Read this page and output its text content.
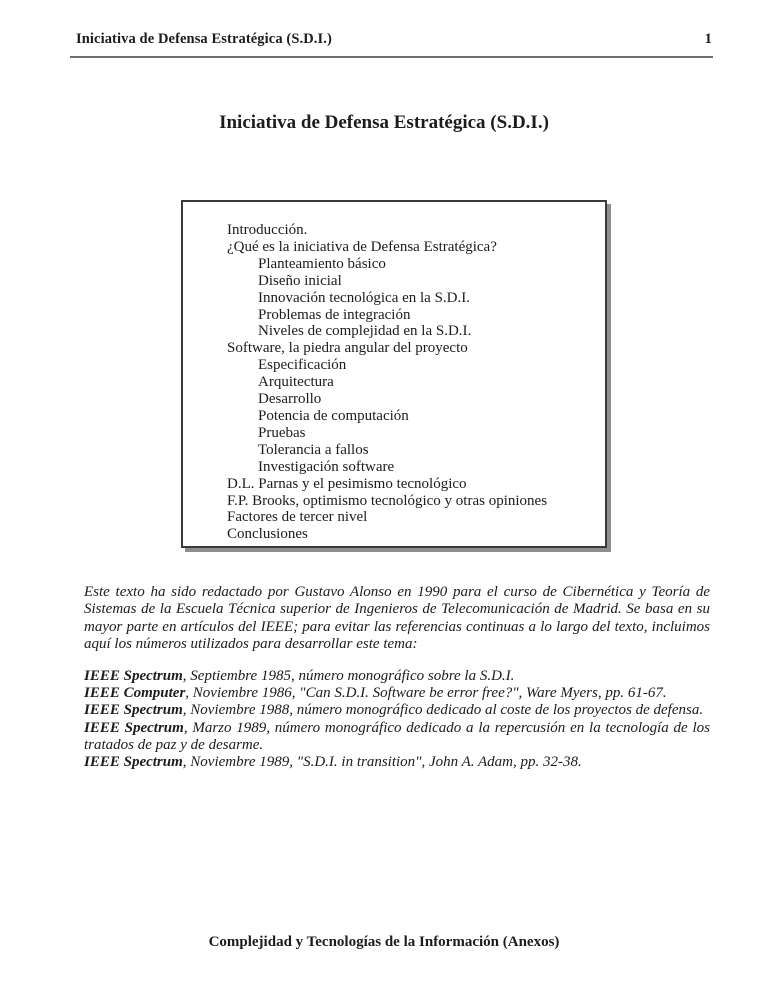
Iniciativa de Defensa Estratégica (S.D.I.)	1
Iniciativa de Defensa Estratégica (S.D.I.)
Introducción.
¿Qué es la iniciativa de Defensa Estratégica?
Planteamiento básico
Diseño inicial
Innovación tecnológica en la S.D.I.
Problemas de integración
Niveles de complejidad en la S.D.I.
Software, la piedra angular del proyecto
Especificación
Arquitectura
Desarrollo
Potencia de computación
Pruebas
Tolerancia a fallos
Investigación software
D.L. Parnas y el pesimismo tecnológico
F.P. Brooks, optimismo tecnológico y otras opiniones
Factores de tercer nivel
Conclusiones

Este texto ha sido redactado por Gustavo Alonso en 1990 para el curso de Cibernética y Teoría de Sistemas de la Escuela Técnica superior de Ingenieros de Telecomunicación de Madrid. Se basa en su mayor parte en artículos del IEEE; para evitar las referencias continuas a lo largo del texto, incluimos aquí los números utilizados para desarrollar este tema:

IEEE Spectrum, Septiembre 1985, número monográfico sobre la S.D.I.

IEEE Computer, Noviembre 1986, "Can S.D.I. Software be error free?", Ware Myers, pp. 61-67.

IEEE Spectrum, Noviembre 1988, número monográfico dedicado al coste de los proyectos de defensa.

IEEE Spectrum, Marzo 1989, número monográfico dedicado a la repercusión en la tecnología de los tratados de paz y de desarme.

IEEE Spectrum, Noviembre 1989, "S.D.I. in transition", John A. Adam, pp. 32-38.

Complejidad y Tecnologías de la Información (Anexos)
